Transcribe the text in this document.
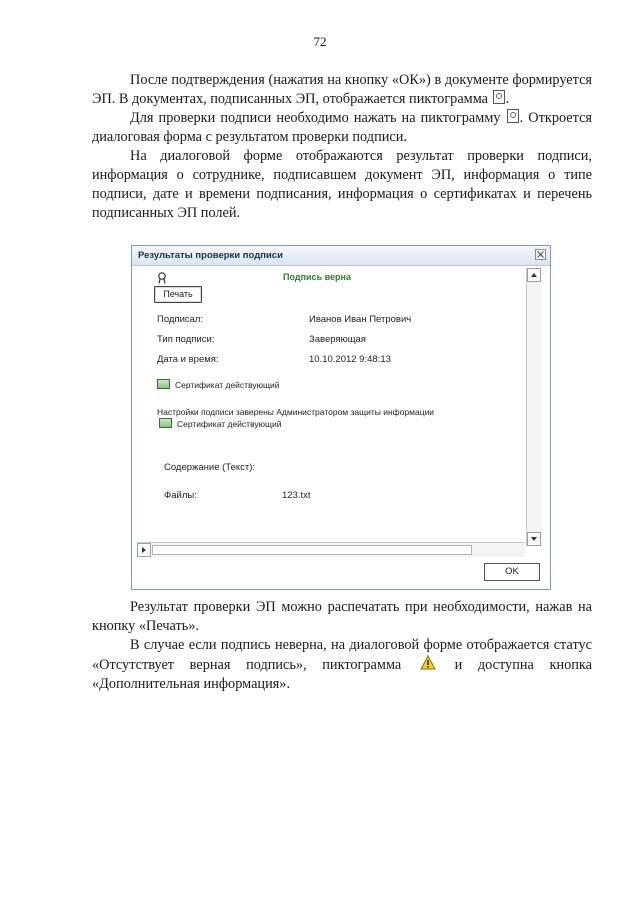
72

После подтверждения (нажатия на кнопку «ОК») в документе формируется ЭП. В документах, подписанных ЭП, отображается пиктограмма .

Для проверки подписи необходимо нажать на пиктограмму . Откроется диалоговая форма с результатом проверки подписи.

На диалоговой форме отображаются результат проверки подписи, информация о сотруднике, подписавшем документ ЭП, информация о типе подписи, дате и времени подписания, информация о сертификатах и перечень подписанных ЭП полей.

Результаты проверки подписи
Подпись верна
Печать
Подписал:	Иванов Иван Петрович
Тип подписи:	Заверяющая
Дата и время:	10.10.2012 9:48:13
Сертификат действующий
Настройки подписи заверены Администратором защиты информации
Сертификат действующий
Содержание (Текст):
Файлы:	123.txt
OK

Результат проверки ЭП можно распечатать при необходимости, нажав на кнопку «Печать».

В случае если подпись неверна, на диалоговой форме отображается статус «Отсутствует верная подпись», пиктограмма	и доступна кнопка «Дополнительная информация».
